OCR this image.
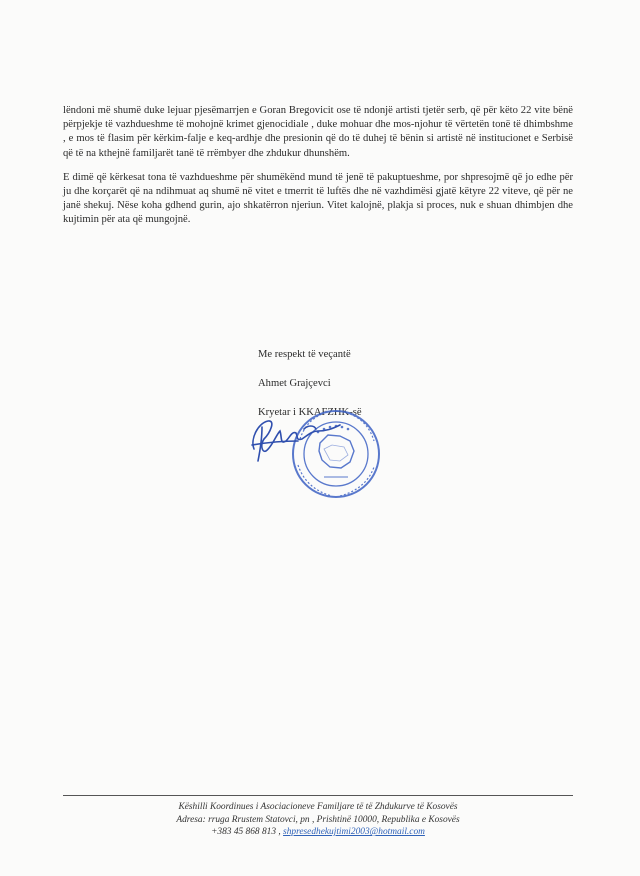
lëndoni më shumë duke lejuar pjesëmarrjen e Goran Bregovicit ose të ndonjë artisti tjetër serb, që për këto 22 vite bënë përpjekje të vazhdueshme të mohojnë krimet gjenocidiale , duke mohuar dhe mos-njohur të vërtetën tonë të dhimbshme , e mos të flasim për kërkim-falje e keq-ardhje dhe presionin që do të duhej të bënin si artistë në institucionet e Serbisë që të na kthejnë familjarët tanë të rrëmbyer dhe zhdukur dhunshëm.

E dimë që kërkesat tona të vazhdueshme për shumëkënd mund të jenë të pakuptueshme, por shpresojmë që jo edhe për ju dhe korçarët që na ndihmuat aq shumë në vitet e tmerrit të luftës dhe në vazhdimësi gjatë këtyre 22 viteve, që për ne janë shekuj. Nëse koha gdhend gurin, ajo shkatërron njeriun. Vitet kalojnë, plakja si proces, nuk e shuan dhimbjen dhe kujtimin për ata që mungojnë.

Me respekt të veçantë
Ahmet Grajçevci
Kryetar i KKAFZHK-së
Këshilli Koordinues i Asociacioneve Familjare të të Zhdukurve të Kosovës
Adresa: rruga Rrustem Statovci, pn , Prishtinë 10000, Republika e Kosovës
+383 45 868 813 , shpresedhekujtimi2003@hotmail.com
